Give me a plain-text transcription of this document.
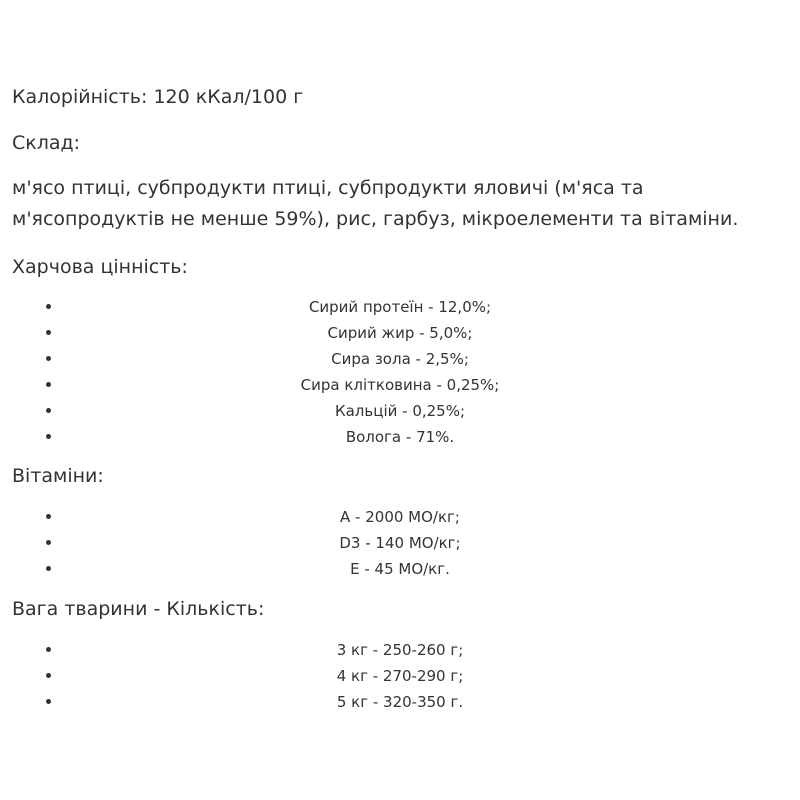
Калорійність: 120 кКал/100 г

Склад:

м'ясо птиці, субпродукти птиці, субпродукти яловичі (м'яса та

м'ясопродуктів не менше 59%), рис, гарбуз, мікроелементи та вітаміни.

Харчова цінність:

Сирий протеїн - 12,0%;
Сирий жир - 5,0%;
Сира зола - 2,5%;
Сира клітковина - 0,25%;
Кальцій - 0,25%;
Волога - 71%.

Вітаміни:

A - 2000 МО/кг;
D3 - 140 МО/кг;
E - 45 МО/кг.

Вага тварини - Кількість:

3 кг - 250-260 г;
4 кг - 270-290 г;
5 кг - 320-350 г.
